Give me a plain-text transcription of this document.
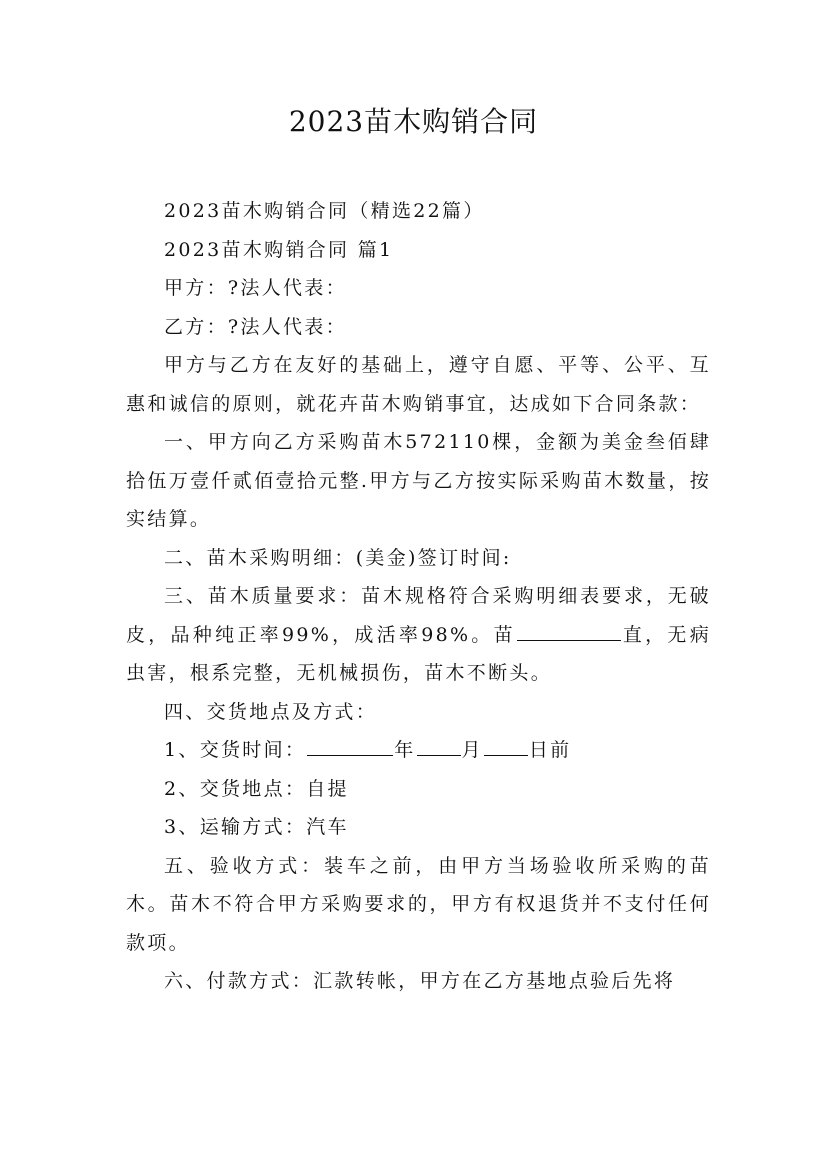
2023苗木购销合同

2023苗木购销合同（精选22篇）

2023苗木购销合同 篇1

甲方：?法人代表：

乙方：?法人代表：

甲方与乙方在友好的基础上，遵守自愿、平等、公平、互惠和诚信的原则，就花卉苗木购销事宜，达成如下合同条款：

一、甲方向乙方采购苗木572110棵，金额为美金叁佰肆拾伍万壹仟贰佰壹拾元整.甲方与乙方按实际采购苗木数量，按实结算。

二、苗木采购明细：(美金)签订时间:

三、苗木质量要求：苗木规格符合采购明细表要求，无破皮，品种纯正率99%，成活率98%。苗	直，无病虫害，根系完整，无机械损伤，苗木不断头。

四、交货地点及方式：

1、交货时间：	年 月 日前

2、交货地点：自提

3、运输方式：汽车

五、验收方式：装车之前，由甲方当场验收所采购的苗木。苗木不符合甲方采购要求的，甲方有权退货并不支付任何款项。

六、付款方式：汇款转帐，甲方在乙方基地点验后先将
